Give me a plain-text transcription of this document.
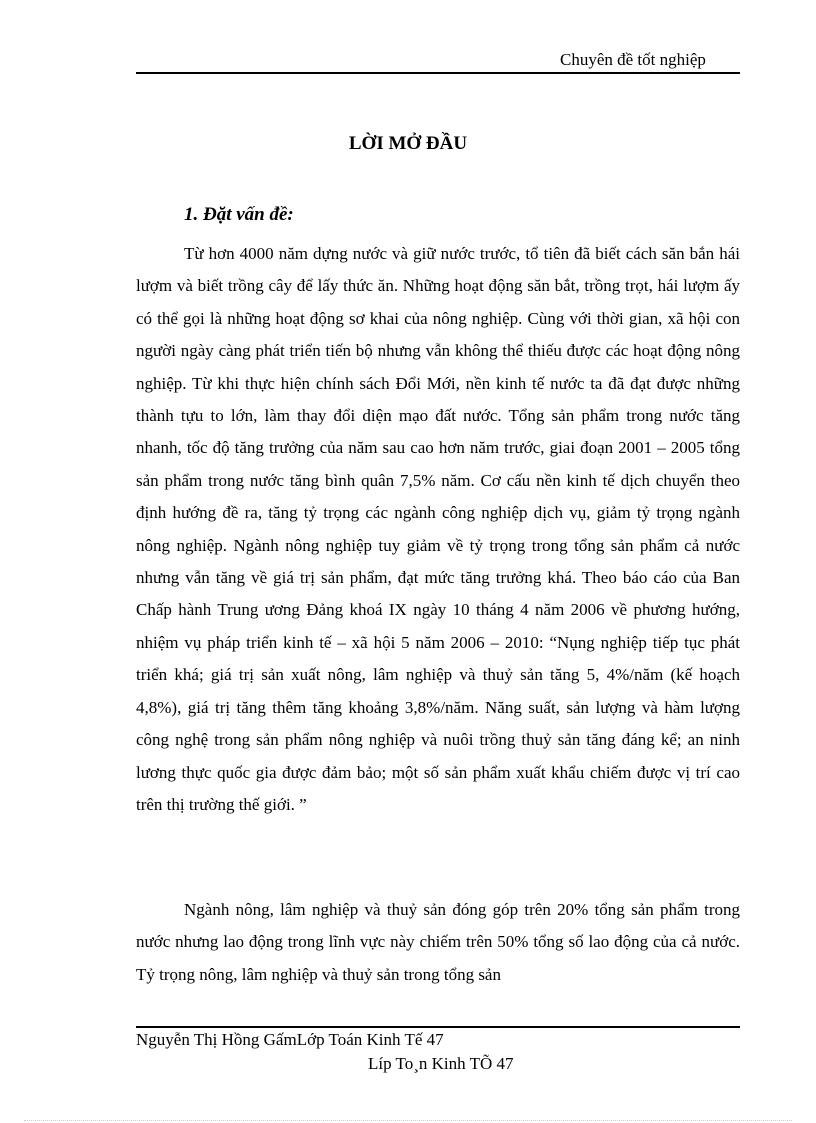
Chuyên đề tốt nghiệp
LỜI MỞ ĐẦU
1. Đặt vấn đề:

Từ hơn 4000 năm dựng nước và giữ nước trước, tổ tiên đã biết cách săn bắn hái lượm và biết trồng cây để lấy thức ăn. Những hoạt động săn bắt, trồng trọt, hái lượm ấy có thể gọi là những hoạt động sơ khai của nông nghiệp. Cùng với thời gian, xã hội con người ngày càng phát triển tiến bộ nhưng vẫn không thể thiếu được các hoạt động nông nghiệp. Từ khi thực hiện chính sách Đổi Mới, nền kinh tế nước ta đã đạt được những thành tựu to lớn, làm thay đổi diện mạo đất nước. Tổng sản phẩm trong nước tăng nhanh, tốc độ tăng trưởng của năm sau cao hơn năm trước, giai đoạn 2001 – 2005 tổng sản phẩm trong nước tăng bình quân 7,5% năm. Cơ cấu nền kinh tế dịch chuyển theo định hướng đề ra, tăng tỷ trọng các ngành công nghiệp dịch vụ, giảm tỷ trọng ngành nông nghiệp. Ngành nông nghiệp tuy giảm về tỷ trọng trong tổng sản phẩm cả nước nhưng vẫn tăng về giá trị sản phẩm, đạt mức tăng trưởng khá. Theo báo cáo của Ban Chấp hành Trung ương Đảng khoá IX ngày 10 tháng 4 năm 2006 về phương hướng, nhiệm vụ pháp triển kinh tế – xã hội 5 năm 2006 – 2010: “Nụng nghiệp tiếp tục phát triển khá; giá trị sản xuất nông, lâm nghiệp và thuỷ sản tăng 5, 4%/năm (kế hoạch 4,8%), giá trị tăng thêm tăng khoảng 3,8%/năm. Năng suất, sản lượng và hàm lượng công nghệ trong sản phẩm nông nghiệp và nuôi trồng thuỷ sản tăng đáng kể; an ninh lương thực quốc gia được đảm bảo; một số sản phẩm xuất khẩu chiếm được vị trí cao trên thị trường thế giới. ”

Ngành nông, lâm nghiệp và thuỷ sản đóng góp trên 20% tổng sản phẩm trong nước nhưng lao động trong lĩnh vực này chiếm trên 50% tổng số lao động của cả nước. Tỷ trọng nông, lâm nghiệp và thuỷ sản trong tổng sản

Nguyễn Thị Hồng GấmLớp Toán Kinh Tế 47
Líp To¸n Kinh TÕ 47
